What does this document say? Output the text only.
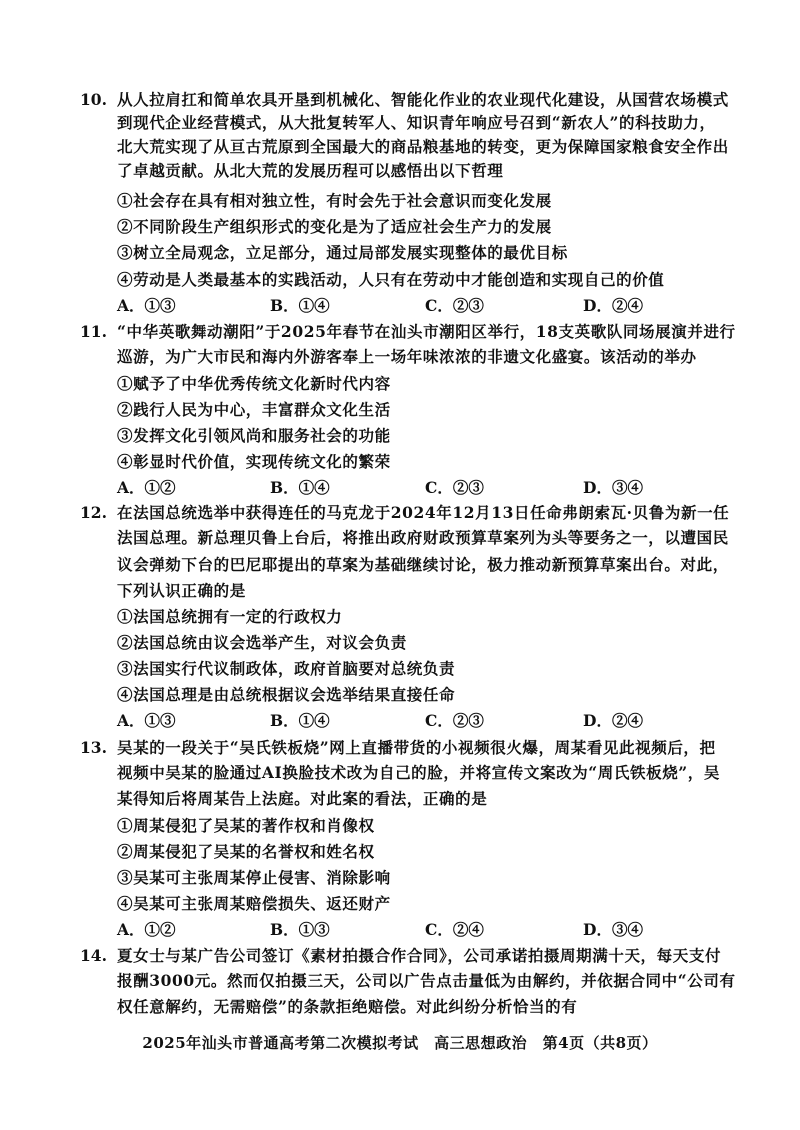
10. 从人拉肩扛和简单农具开垦到机械化、智能化作业的农业现代化建设，从国营农场模式
到现代企业经营模式，从大批复转军人、知识青年响应号召到“新农人”的科技助力，
北大荒实现了从亘古荒原到全国最大的商品粮基地的转变，更为保障国家粮食安全作出
了卓越贡献。从北大荒的发展历程可以感悟出以下哲理
①社会存在具有相对独立性，有时会先于社会意识而变化发展
②不同阶段生产组织形式的变化是为了适应社会生产力的发展
③树立全局观念，立足部分，通过局部发展实现整体的最优目标
④劳动是人类最基本的实践活动，人只有在劳动中才能创造和实现自己的价值
A．①③	B．①④	C．②③	D．②④
11. “中华英歌舞动潮阳”于2025年春节在汕头市潮阳区举行，18支英歌队同场展演并进行
巡游，为广大市民和海内外游客奉上一场年味浓浓的非遗文化盛宴。该活动的举办
①赋予了中华优秀传统文化新时代内容
②践行人民为中心，丰富群众文化生活
③发挥文化引领风尚和服务社会的功能
④彰显时代价值，实现传统文化的繁荣
A．①②	B．①④	C．②③	D．③④
12. 在法国总统选举中获得连任的马克龙于2024年12月13日任命弗朗索瓦·贝鲁为新一任
法国总理。新总理贝鲁上台后，将推出政府财政预算草案列为头等要务之一，以遭国民
议会弹劾下台的巴尼耶提出的草案为基础继续讨论，极力推动新预算草案出台。对此，
下列认识正确的是
①法国总统拥有一定的行政权力
②法国总统由议会选举产生，对议会负责
③法国实行代议制政体，政府首脑要对总统负责
④法国总理是由总统根据议会选举结果直接任命
A．①③	B．①④	C．②③	D．②④
13. 吴某的一段关于“吴氏铁板烧”网上直播带货的小视频很火爆，周某看见此视频后，把
视频中吴某的脸通过AI换脸技术改为自己的脸，并将宣传文案改为“周氏铁板烧”，吴
某得知后将周某告上法庭。对此案的看法，正确的是
①周某侵犯了吴某的著作权和肖像权
②周某侵犯了吴某的名誉权和姓名权
③吴某可主张周某停止侵害、消除影响
④吴某可主张周某赔偿损失、返还财产
A．①②	B．①③	C．②④	D．③④
14. 夏女士与某广告公司签订《素材拍摄合作合同》，公司承诺拍摄周期满十天，每天支付
报酬3000元。然而仅拍摄三天，公司以广告点击量低为由解约，并依据合同中“公司有
权任意解约，无需赔偿”的条款拒绝赔偿。对此纠纷分析恰当的有
2025年汕头市普通高考第二次模拟考试　高三思想政治　第4页（共8页）
